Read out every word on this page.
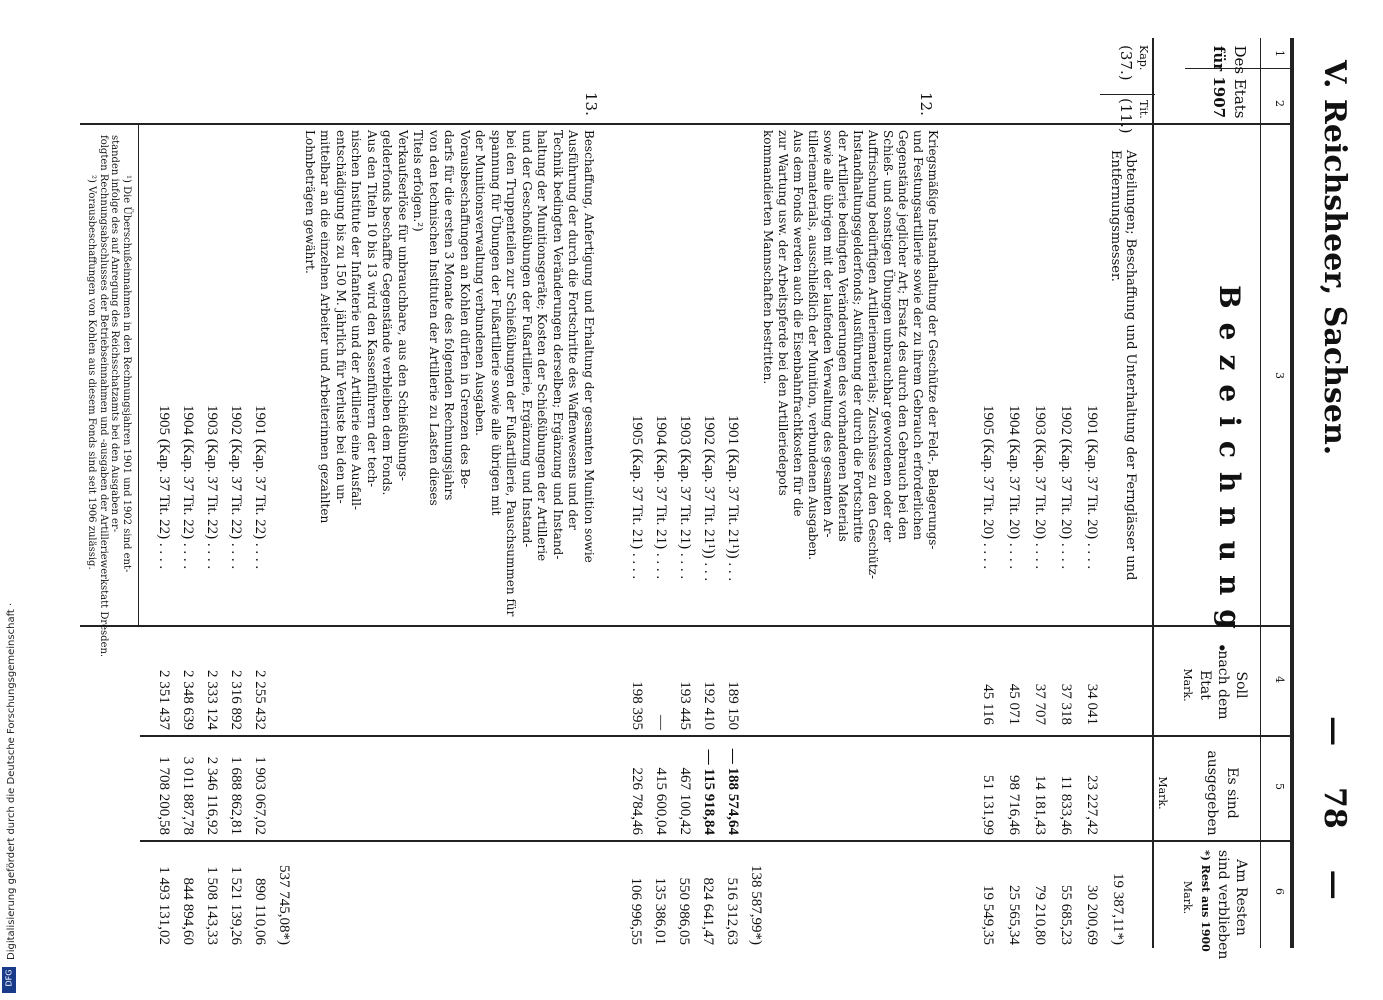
Digitalisierung gefördert durch die Deutsche Forschungsgemeinschaft ·
DFG
V. Reichsheer, Sachsen.  —  78  —
1
2
3
4
5
6
Des Etats
für 1907
Kap.
Tit.
Bezeichnung.
Soll
nach dem
Etat
Mark.
Es sind
ausgegeben
Mark.
Am Resten
sind verblieben
*) Rest aus 1900
Mark.
(37.)
(11.)
Abteilungen; Beschaffung und Unterhaltung der Fernglässer und
Entfernungsmesser.
1901 (Kap. 37 Tit. 20) . . . .
1902 (Kap. 37 Tit. 20) . . . .
1903 (Kap. 37 Tit. 20) . . . .
1904 (Kap. 37 Tit. 20) . . . .
1905 (Kap. 37 Tit. 20) . . . .
34 041
37 318
37 707
45 071
45 116
23 227,42
11 833,46
14 181,43
98 716,46
51 131,99
19 387,11*)
30 200,69
55 685,23
79 210,80
25 565,34
19 549,35
12.
Kriegsmäßige Instandhaltung der Geschütze der Feld-, Belagerungs-
und Festungsartillerie sowie der zu ihrem Gebrauch erforderlichen
Gegenstände jeglicher Art; Ersatz des durch den Gebrauch bei den
Schieß- und sonstigen Übungen unbrauchbar gewordenen oder der
Auffrischung bedürftigen Artilleriematerials; Zuschüsse zu den Geschütz-
Instandhaltungsgelderfonds; Ausführung der durch die Fortschritte
der Artillerie bedingten Veränderungen des vorhandenen Materials
sowie alle übrigen mit der laufenden Verwaltung des gesamten Ar-
tilleriematerials, ausschließlich der Munition, verbundenen Ausgaben.
Aus dem Fonds werden auch die Eisenbahnfrachtkosten für die
zur Wartung usw. der Arbeitspferde bei den Artilleriedepots
kommandierten Mannschaften bestritten.
1901 (Kap. 37 Tit. 21¹)) . . .
1902 (Kap. 37 Tit. 21¹)) . . .
1903 (Kap. 37 Tit. 21) . . . .
1904 (Kap. 37 Tit. 21) . . . .
1905 (Kap. 37 Tit. 21) . . . .
189 150
192 410
193 445
—
198 395
— 188 574,64
— 115 918,84
467 100,42
415 600,04
226 784,46
138 587,99*)
516 312,63
824 641,47
550 986,05
135 386,01
106 996,55
13.
Beschaffung, Anfertigung und Erhaltung der gesamten Munition sowie
Ausführung der durch die Fortschritte des Waffenwesens und der
Technik bedingten Veränderungen derselben; Ergänzung und Instand-
haltung der Munitionsgeräte; Kosten der Schießübungen der Artillerie
und der Geschoßübungen der Fußartillerie, Ergänzung und Instand-
bei den Truppenteilen zur Schießübungen der Fußartillerie, Pauschsummen für
spannung für Übungen der Fußartillerie sowie alle übrigen mit
der Munitionsverwaltung verbundenen Ausgaben.
Vorausbeschaffungen an Kohlen dürfen in Grenzen des Be-
darfs für die ersten 3 Monate des folgenden Rechnungsjahrs
von den technischen Instituten der Artillerie zu Lasten dieses
Titels erfolgen.²)
Verkaufserlöse für unbrauchbare, aus den Schießübungs-
gelderfonds beschaffte Gegenstände verbleiben dem Fonds.
Aus den Titeln 10 bis 13 wird den Kassenführern der tech-
nischen Institute der Infanterie und der Artillerie eine Ausfall-
entschädigung bis zu 150 M. jährlich für Verluste bei den un-
mittelbar an die einzelnen Arbeiter und Arbeiterinnen gezahlten
Lohnbeträgen gewährt.
1901 (Kap. 37 Tit. 22) . . . .
1902 (Kap. 37 Tit. 22) . . . .
1903 (Kap. 37 Tit. 22) . . . .
1904 (Kap. 37 Tit. 22) . . . .
1905 (Kap. 37 Tit. 22) . . . .
2 255 432
2 316 892
2 333 124
2 348 639
2 351 437
1 903 067,02
1 688 862,81
2 346 116,92
3 011 887,78
1 708 200,58
537 745,08*)
890 110,06
1 521 139,26
1 508 143,33
844 894,60
1 493 131,02
¹) Die Überschußeinnahmen in den Rechnungsjahren 1901 und 1902 sind ent-
standen infolge des auf Anregung des Reichsschatzamts bei den Ausgaben er-
folgten Rechnungsabschlusses der Betriebseinnahmen und -ausgaben der Artilleriewerkstatt Dresden.
²) Vorausbeschaffungen von Kohlen aus diesem Fonds sind seit 1906 zulässig.
